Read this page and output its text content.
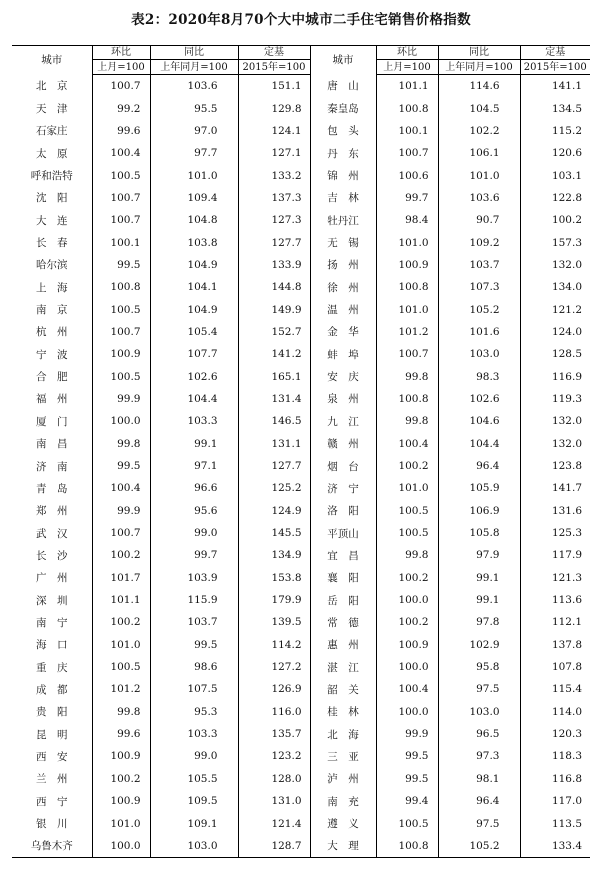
表2：2020年8月70个大中城市二手住宅销售价格指数
城市	环比	同比	定基	城市	环比	同比	定基
	上月=100	上年同月=100	2015年=100		上月=100	上年同月=100	2015年=100
北　京	100.7	103.6	151.1	唐　山	101.1	114.6	141.1
天　津	99.2	95.5	129.8	秦皇岛	100.8	104.5	134.5
石家庄	99.6	97.0	124.1	包　头	100.1	102.2	115.2
太　原	100.4	97.7	127.1	丹　东	100.7	106.1	120.6
呼和浩特	100.5	101.0	133.2	锦　州	100.6	101.0	103.1
沈　阳	100.7	109.4	137.3	吉　林	99.7	103.6	122.8
大　连	100.7	104.8	127.3	牡丹江	98.4	90.7	100.2
长　春	100.1	103.8	127.7	无　锡	101.0	109.2	157.3
哈尔滨	99.5	104.9	133.9	扬　州	100.9	103.7	132.0
上　海	100.8	104.1	144.8	徐　州	100.8	107.3	134.0
南　京	100.5	104.9	149.9	温　州	101.0	105.2	121.2
杭　州	100.7	105.4	152.7	金　华	101.2	101.6	124.0
宁　波	100.9	107.7	141.2	蚌　埠	100.7	103.0	128.5
合　肥	100.5	102.6	165.1	安　庆	99.8	98.3	116.9
福　州	99.9	104.4	131.4	泉　州	100.8	102.6	119.3
厦　门	100.0	103.3	146.5	九　江	99.8	104.6	132.0
南　昌	99.8	99.1	131.1	赣　州	100.4	104.4	132.0
济　南	99.5	97.1	127.7	烟　台	100.2	96.4	123.8
青　岛	100.4	96.6	125.2	济　宁	101.0	105.9	141.7
郑　州	99.9	95.6	124.9	洛　阳	100.5	106.9	131.6
武　汉	100.7	99.0	145.5	平顶山	100.5	105.8	125.3
长　沙	100.2	99.7	134.9	宜　昌	99.8	97.9	117.9
广　州	101.7	103.9	153.8	襄　阳	100.2	99.1	121.3
深　圳	101.1	115.9	179.9	岳　阳	100.0	99.1	113.6
南　宁	100.2	103.7	139.5	常　德	100.2	97.8	112.1
海　口	101.0	99.5	114.2	惠　州	100.9	102.9	137.8
重　庆	100.5	98.6	127.2	湛　江	100.0	95.8	107.8
成　都	101.2	107.5	126.9	韶　关	100.4	97.5	115.4
贵　阳	99.8	95.3	116.0	桂　林	100.0	103.0	114.0
昆　明	99.6	103.3	135.7	北　海	99.9	96.5	120.3
西　安	100.9	99.0	123.2	三　亚	99.5	97.3	118.3
兰　州	100.2	105.5	128.0	泸　州	99.5	98.1	116.8
西　宁	100.9	109.5	131.0	南　充	99.4	96.4	117.0
银　川	101.0	109.1	121.4	遵　义	100.5	97.5	113.5
乌鲁木齐	100.0	103.0	128.7	大　理	100.8	105.2	133.4
